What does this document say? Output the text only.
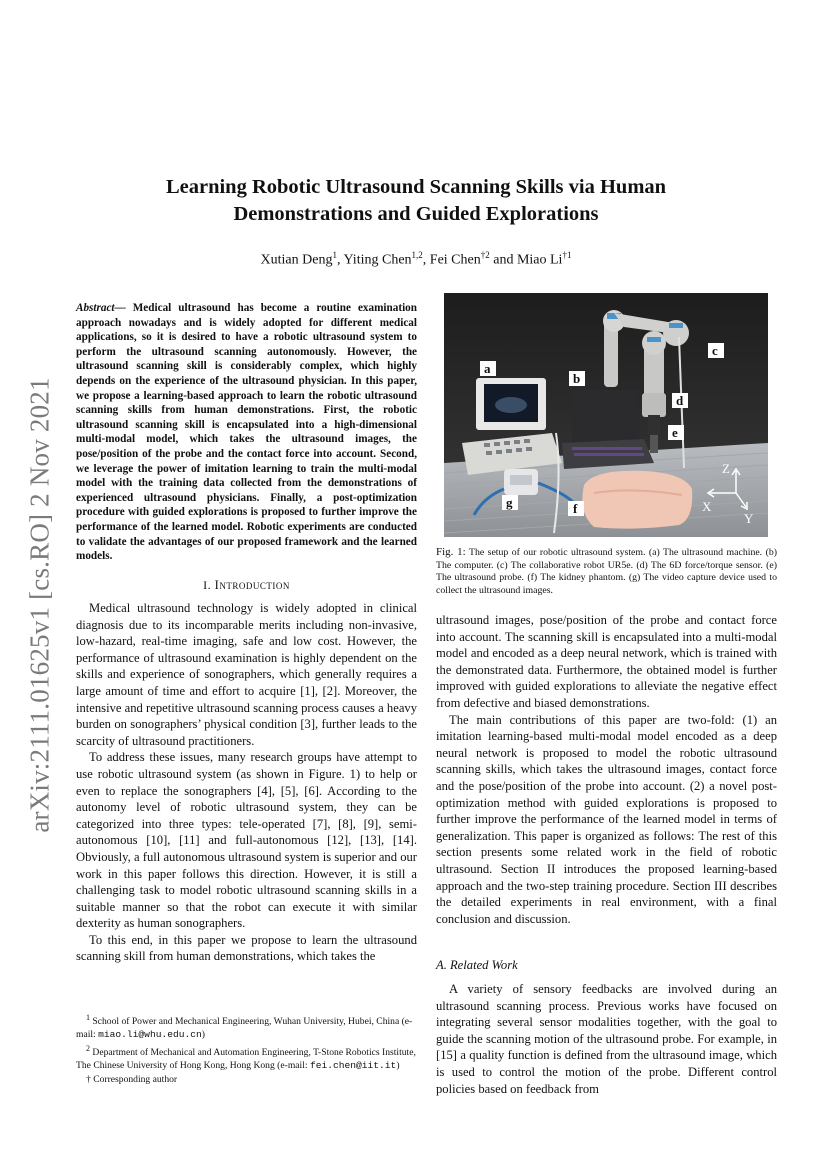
arXiv:2111.01625v1 [cs.RO] 2 Nov 2021
Learning Robotic Ultrasound Scanning Skills via Human
Demonstrations and Guided Explorations
Xutian Deng$^1$, Yiting Chen$^{1,2}$, Fei Chen$^{\dagger 2}$ and Miao Li$^{\dagger 1}$
Abstract— Medical ultrasound has become a routine examination approach nowadays and is widely adopted for different medical applications, so it is desired to have a robotic ultrasound system to perform the ultrasound scanning autonomously. However, the ultrasound scanning skill is considerably complex, which highly depends on the experience of the ultrasound physician. In this paper, we propose a learning-based approach to learn the robotic ultrasound scanning skills from human demonstrations. First, the robotic ultrasound scanning skill is encapsulated into a high-dimensional multi-modal model, which takes the ultrasound images, the pose/position of the probe and the contact force into account. Second, we leverage the power of imitation learning to train the multi-modal model with the training data collected from the demonstrations of experienced ultrasound physicians. Finally, a post-optimization procedure with guided explorations is proposed to further improve the performance of the learned model. Robotic experiments are conducted to validate the advantages of our proposed framework and the learned models.
I. Introduction

Medical ultrasound technology is widely adopted in clinical diagnosis due to its incomparable merits including non-invasive, low-hazard, real-time imaging, safe and low cost. However, the performance of ultrasound examination is highly dependent on the skills and experience of sonographers, which generally requires a large amount of time and effort to acquire [1], [2]. Moreover, the intensive and repetitive ultrasound scanning process causes a heavy burden on sonographers’ physical condition [3], further leads to the scarcity of ultrasound practitioners.

To address these issues, many research groups have attempt to use robotic ultrasound system (as shown in Figure. 1) to help or even to replace the sonographers [4], [5], [6]. According to the autonomy level of robotic ultrasound system, they can be categorized into three types: tele-operated [7], [8], [9], semi-autonomous [10], [11] and full-autonomous [12], [13], [14]. Obviously, a full autonomous ultrasound system is superior and our work in this paper follows this direction. However, it is still a challenging task to model robotic ultrasound scanning skills in a suitable manner so that the robot can execute it with similar dexterity as human sonographers.

To this end, in this paper we propose to learn the ultrasound scanning skill from human demonstrations, which takes the

$^1$ School of Power and Mechanical Engineering, Wuhan University, Hubei, China (e-mail: miao.li@whu.edu.cn)

$^2$ Department of Mechanical and Automation Engineering, T-Stone Robotics Institute, The Chinese University of Hong Kong, Hong Kong (e-mail: fei.chen@iit.it)

† Corresponding author

a
b
c
d
e
f
g
Z
X
Y
Fig. 1: The setup of our robotic ultrasound system. (a) The ultrasound machine. (b) The computer. (c) The collaborative robot UR5e. (d) The 6D force/torque sensor. (e) The ultrasound probe. (f) The kidney phantom. (g) The video capture device used to collect the ultrasound images.

ultrasound images, pose/position of the probe and contact force into account. The scanning skill is encapsulated into a multi-modal model and encoded as a deep neural network, which is trained with the demonstrated data. Furthermore, the obtained model is further improved with guided explorations to alleviate the negative effect from defective and biased demonstrations.

The main contributions of this paper are two-fold: (1) an imitation learning-based multi-modal model encoded as a deep neural network is proposed to model the robotic ultrasound scanning skills, which takes the ultrasound images, contact force and the pose/position of the probe into account. (2) a novel post-optimization method with guided explorations is proposed to further improve the performance of the learned model in terms of generalization. This paper is organized as follows: The rest of this section presents some related work in the field of robotic ultrasound. Section II introduces the proposed learning-based approach and the two-step training procedure. Section III describes the detailed experiments in real environment, with a final conclusion and discussion.

A. Related Work

A variety of sensory feedbacks are involved during an ultrasound scanning process. Previous works have focused on integrating several sensor modalities together, with the goal to guide the scanning motion of the ultrasound probe. For example, in [15] a quality function is defined from the ultrasound image, which is used to control the motion of the probe. Different control policies based on feedback from
